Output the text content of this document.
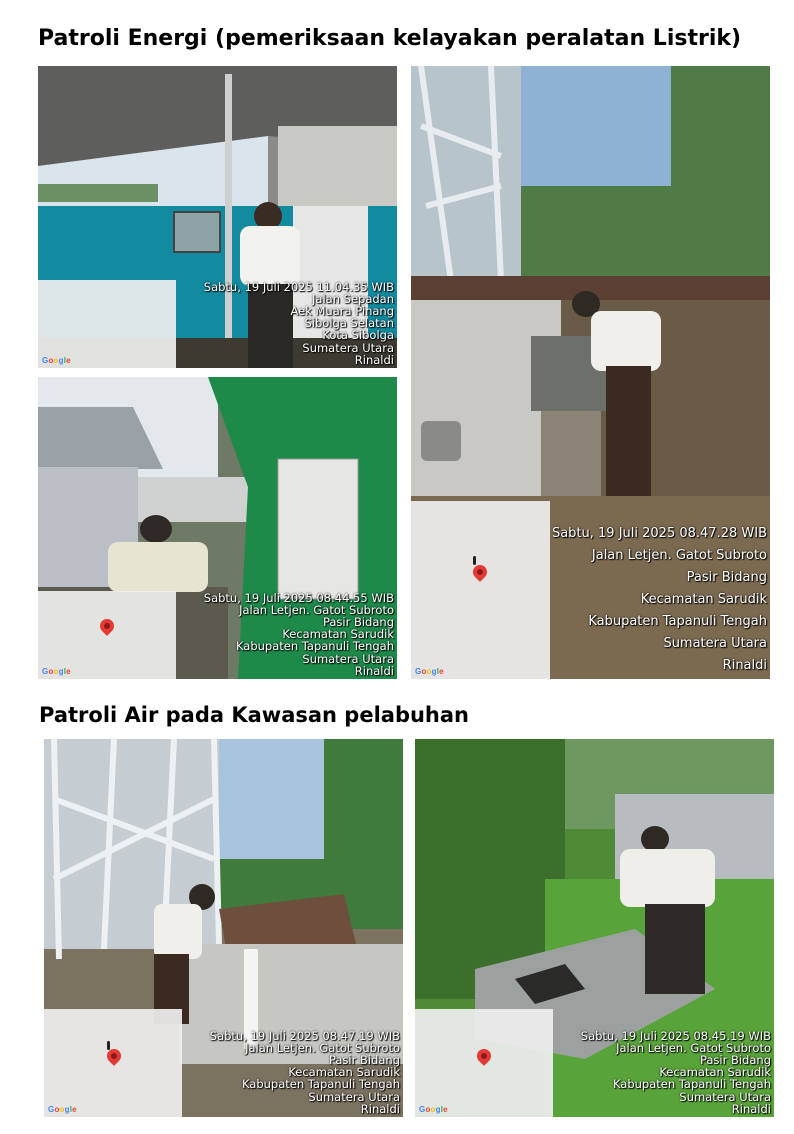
Patroli Energi (pemeriksaan kelayakan peralatan Listrik)
Patroli Air pada Kawasan pelabuhan
Google
Sabtu, 19 Juli 2025 11.04.35 WIB
Jalan Sepadan
Aek Muara Pinang
Sibolga Selatan
Kota Sibolga
Sumatera Utara
Rinaldi
Google
Sabtu, 19 Juli 2025 08.44.55 WIB
Jalan Letjen. Gatot Subroto
Pasir Bidang
Kecamatan Sarudik
Kabupaten Tapanuli Tengah
Sumatera Utara
Rinaldi	Google
Sabtu, 19 Juli 2025 08.47.28 WIB
Jalan Letjen. Gatot Subroto
Pasir Bidang
Kecamatan Sarudik
Kabupaten Tapanuli Tengah
Sumatera Utara
Rinaldi
Google
Sabtu, 19 Juli 2025 08.47.19 WIB
Jalan Letjen. Gatot Subroto
Pasir Bidang
Kecamatan Sarudik
Kabupaten Tapanuli Tengah
Sumatera Utara
Rinaldi Google
Sabtu, 19 Juli 2025 08.45.19 WIB
Jalan Letjen. Gatot Subroto
Pasir Bidang
Kecamatan Sarudik
Kabupaten Tapanuli Tengah
Sumatera Utara
Rinaldi
